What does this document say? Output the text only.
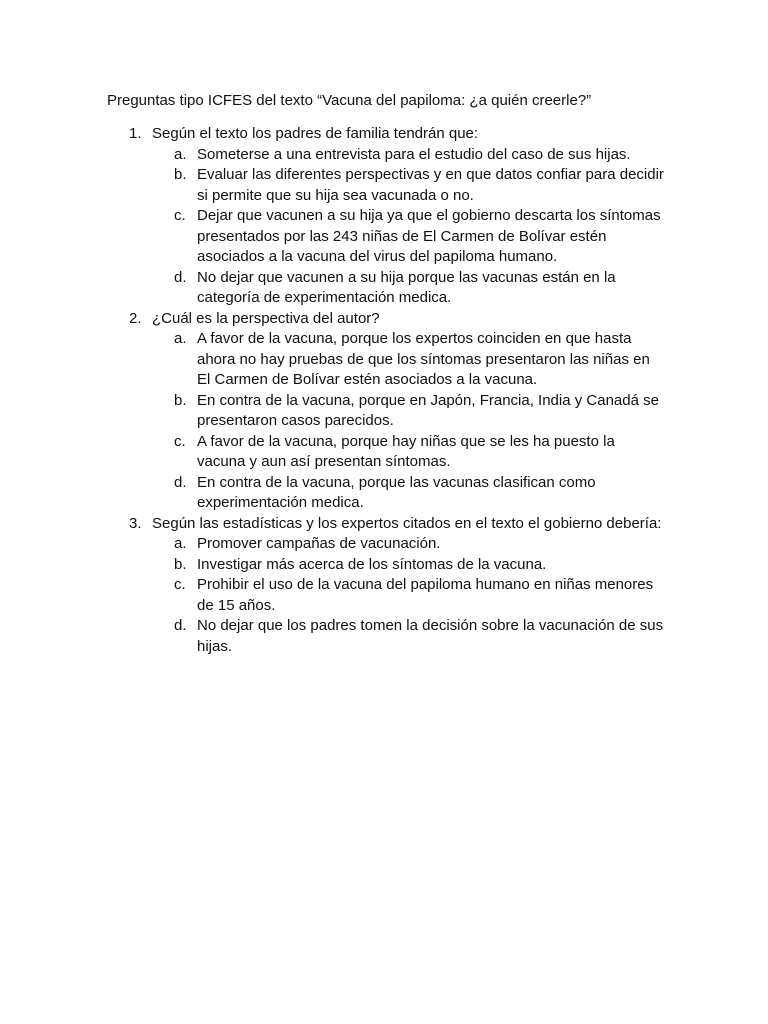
Preguntas tipo ICFES del texto “Vacuna del papiloma: ¿a quién creerle?”

1. Según el texto los padres de familia tendrán que:
a. Someterse a una entrevista para el estudio del caso de sus hijas.
b. Evaluar las diferentes perspectivas y en que datos confiar para decidir si permite que su hija sea vacunada o no.
c. Dejar que vacunen a su hija ya que el gobierno descarta los síntomas presentados por las 243 niñas de El Carmen de Bolívar estén asociados a la vacuna del virus del papiloma humano.
d. No dejar que vacunen a su hija porque las vacunas están en la categoría de experimentación medica.
2. ¿Cuál es la perspectiva del autor?
a. A favor de la vacuna, porque los expertos coinciden en que hasta ahora no hay pruebas de que los síntomas presentaron las niñas en El Carmen de Bolívar estén asociados a la vacuna.
b. En contra de la vacuna, porque en Japón, Francia, India y Canadá se presentaron casos parecidos.
c. A favor de la vacuna, porque hay niñas que se les ha puesto la vacuna y aun así presentan síntomas.
d. En contra de la vacuna, porque las vacunas clasifican como experimentación medica.
3. Según las estadísticas y los expertos citados en el texto el gobierno debería:
a. Promover campañas de vacunación.
b. Investigar más acerca de los síntomas de la vacuna.
c. Prohibir el uso de la vacuna del papiloma humano en niñas menores de 15 años.
d. No dejar que los padres tomen la decisión sobre la vacunación de sus hijas.
